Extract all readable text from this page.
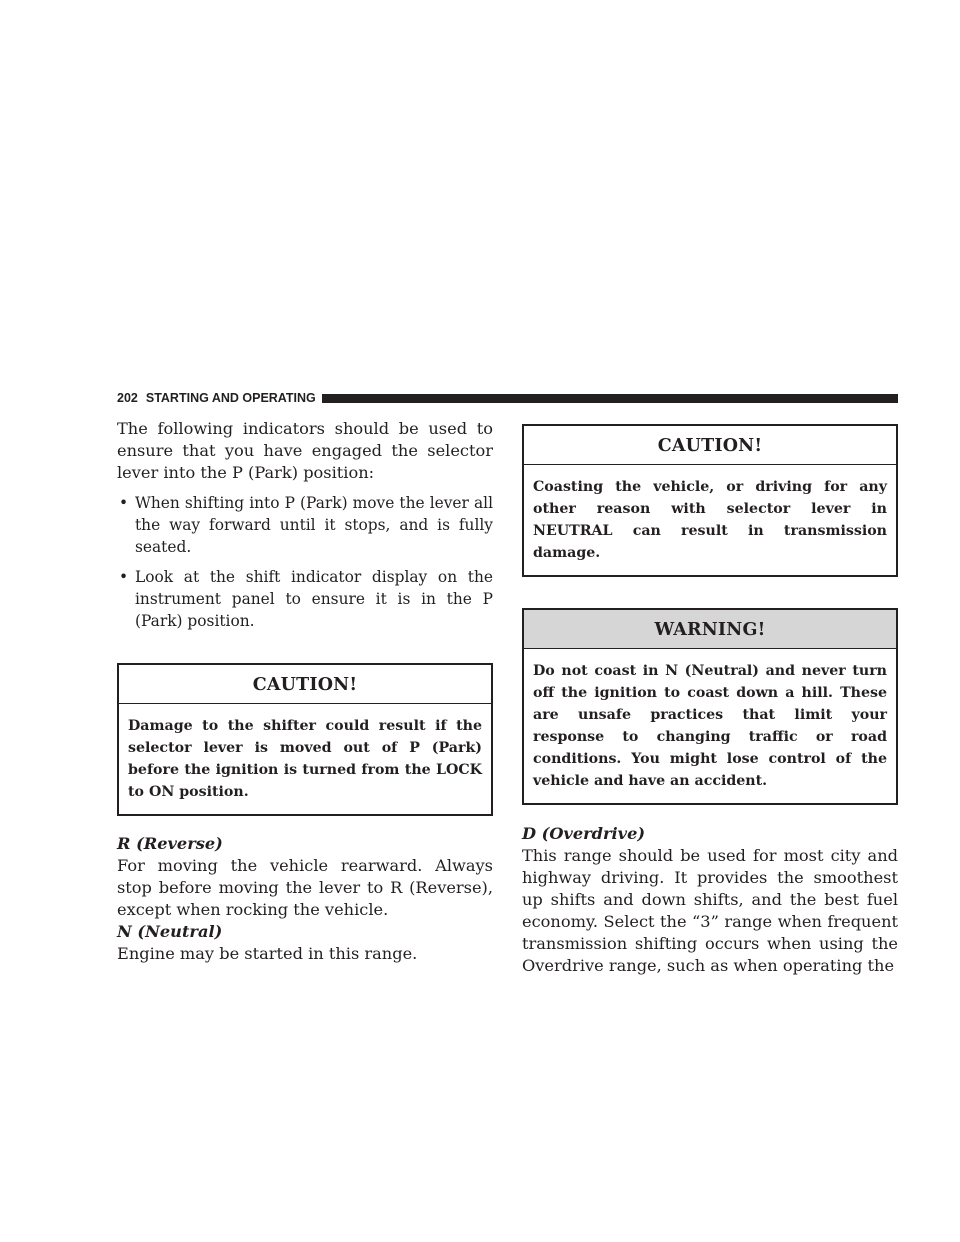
202 STARTING AND OPERATING

The following indicators should be used to ensure that you have engaged the selector lever into the P (Park) position:

• When shifting into P (Park) move the lever all the way forward until it stops, and is fully seated.
• Look at the shift indicator display on the instrument panel to ensure it is in the P (Park) position.
CAUTION!
Damage to the shifter could result if the selector lever is moved out of P (Park) before the ignition is turned from the LOCK to ON position.

R (Reverse)

For moving the vehicle rearward. Always stop before moving the lever to R (Reverse), except when rocking the vehicle.

N (Neutral)

Engine may be started in this range.

CAUTION!
Coasting the vehicle, or driving for any other reason with selector lever in NEUTRAL can result in transmission damage.
WARNING!
Do not coast in N (Neutral) and never turn off the ignition to coast down a hill. These are unsafe practices that limit your response to changing traffic or road conditions. You might lose control of the vehicle and have an accident.

D (Overdrive)

This range should be used for most city and highway driving. It provides the smoothest up shifts and down shifts, and the best fuel economy. Select the “3” range when frequent transmission shifting occurs when using the Overdrive range, such as when operating the
